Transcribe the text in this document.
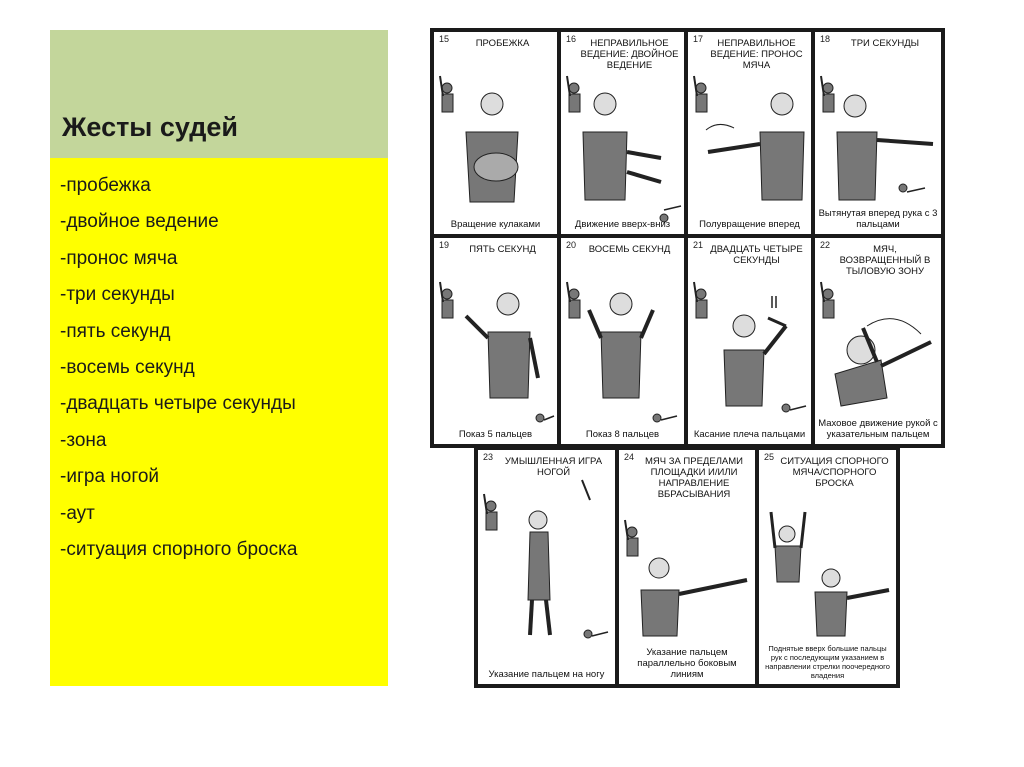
Жесты судей
-пробежка
-двойное ведение
-пронос мяча
-три секунды
-пять секунд
-восемь секунд
-двадцать четыре секунды
-зона
-игра ногой
-аут
-ситуация спорного броска
15	ПРОБЕЖКА
Вращение кулаками
16	НЕПРАВИЛЬНОЕ ВЕДЕНИЕ: ДВОЙНОЕ ВЕДЕНИЕ
Движение вверх-вниз
17	НЕПРАВИЛЬНОЕ ВЕДЕНИЕ: ПРОНОС МЯЧА
Полувращение вперед
18	ТРИ СЕКУНДЫ
Вытянутая вперед рука с 3 пальцами
19	ПЯТЬ СЕКУНД
Показ 5 пальцев
20	ВОСЕМЬ СЕКУНД
Показ 8 пальцев
21 ДВАДЦАТЬ ЧЕТЫРЕ СЕКУНДЫ
Касание плеча пальцами
22	МЯЧ, ВОЗВРАЩЕННЫЙ В ТЫЛОВУЮ ЗОНУ
Маховое движение рукой с указательным пальцем
23	УМЫШЛЕННАЯ ИГРА НОГОЙ
Указание пальцем на ногу
24	МЯЧ ЗА ПРЕДЕЛАМИ ПЛОЩАДКИ И/ИЛИ НАПРАВЛЕНИЕ ВБРАСЫВАНИЯ
Указание пальцем параллельно боковым линиям
25 СИТУАЦИЯ СПОРНОГО МЯЧА/СПОРНОГО БРОСКА
Поднятые вверх большие пальцы рук с последующим указанием в направлении стрелки поочередного владения
